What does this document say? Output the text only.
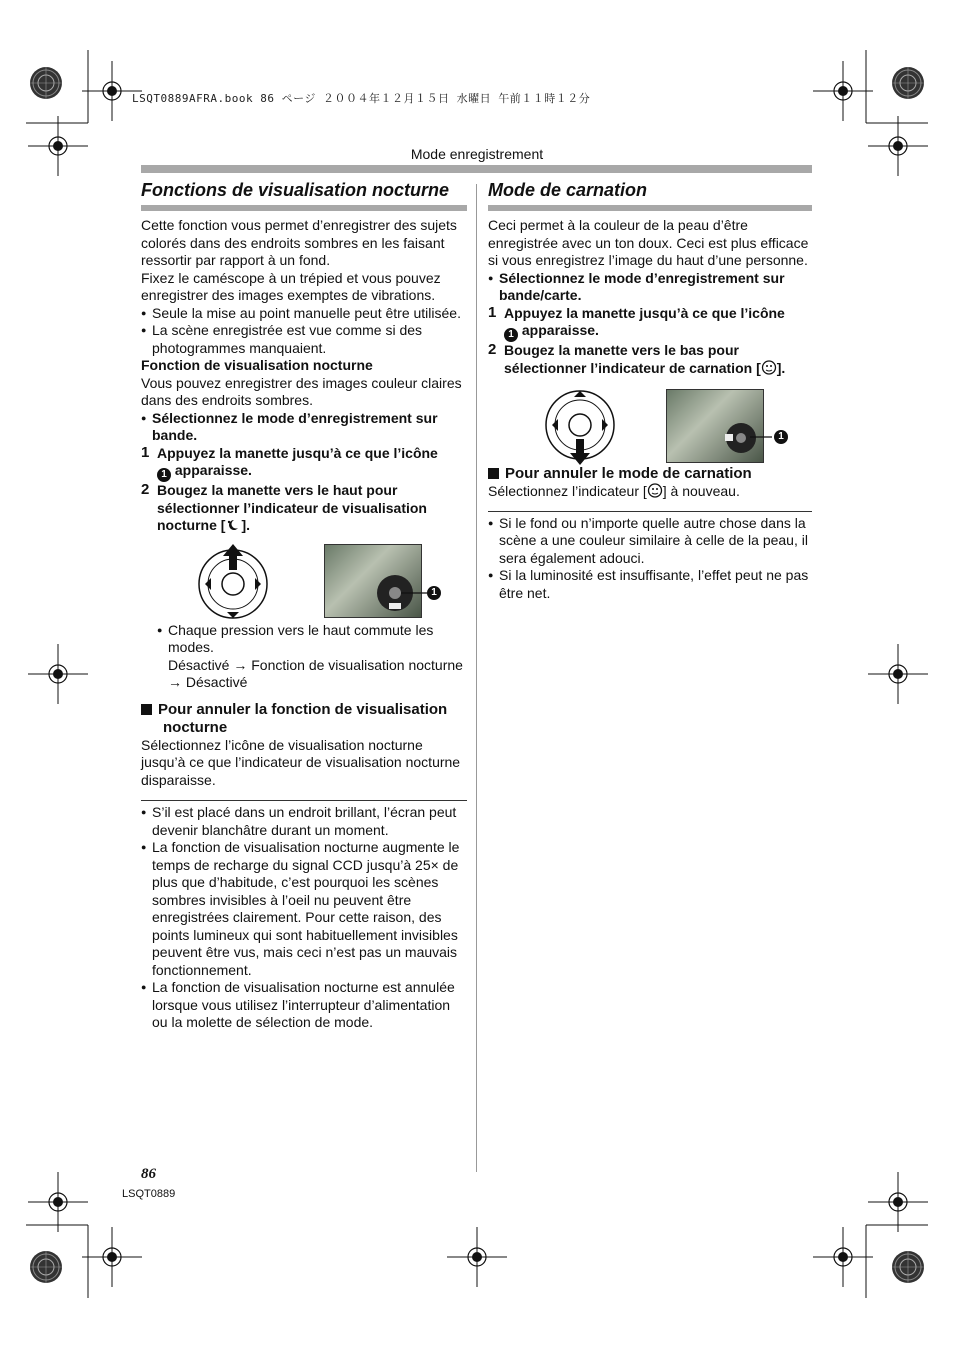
LSQT0889AFRA.book 86 ページ ２００４年１２月１５日 水曜日 午前１１時１２分
Mode enregistrement
Fonctions de visualisation nocturne

Cette fonction vous permet d’enregistrer des sujets colorés dans des endroits sombres en les faisant ressortir par rapport à un fond.

Fixez le caméscope à un trépied et vous pouvez enregistrer des images exemptes de vibrations.

● Seule la mise au point manuelle peut être utilisée.

● La scène enregistrée est vue comme si des photogrammes manquaient.

Fonction de visualisation nocturne

Vous pouvez enregistrer des images couleur claires dans des endroits sombres.

● Sélectionnez le mode d’enregistrement sur bande.

1 Appuyez la manette jusqu’à ce que l’icône
1 apparaisse.
2 Bougez la manette vers le haut pour sélectionner l’indicateur de visualisation nocturne [ ].
1

● Chaque pression vers le haut commute les modes.

Désactivé → Fonction de visualisation nocturne → Désactivé

Pour annuler la fonction de visualisation nocturne

Sélectionnez l’icône de visualisation nocturne jusqu’à ce que l’indicateur de visualisation nocturne disparaisse.

● S’il est placé dans un endroit brillant, l’écran peut devenir blanchâtre durant un moment.

● La fonction de visualisation nocturne augmente le temps de recharge du signal CCD jusqu’à 25× de plus que d’habitude, c’est pourquoi les scènes sombres invisibles à l’oeil nu peuvent être enregistrées clairement. Pour cette raison, des points lumineux qui sont habituellement invisibles peuvent être vus, mais ceci n’est pas un mauvais fonctionnement.

● La fonction de visualisation nocturne est annulée lorsque vous utilisez l’interrupteur d’alimentation ou la molette de sélection de mode.

Mode de carnation

Ceci permet à la couleur de la peau d’être enregistrée avec un ton doux. Ceci est plus efficace si vous enregistrez l’image du haut d’une personne.

● Sélectionnez le mode d’enregistrement sur bande/carte.

1 Appuyez la manette jusqu’à ce que l’icône
1 apparaisse.
2 Bougez la manette vers le bas pour sélectionner l’indicateur de carnation [ ].
1
Pour annuler le mode de carnation

Sélectionnez l’indicateur [ ] à nouveau.

● Si le fond ou n’importe quelle autre chose dans la scène a une couleur similaire à celle de la peau, il sera également adouci.

● Si la luminosité est insuffisante, l’effet peut ne pas être net.

86
LSQT0889
